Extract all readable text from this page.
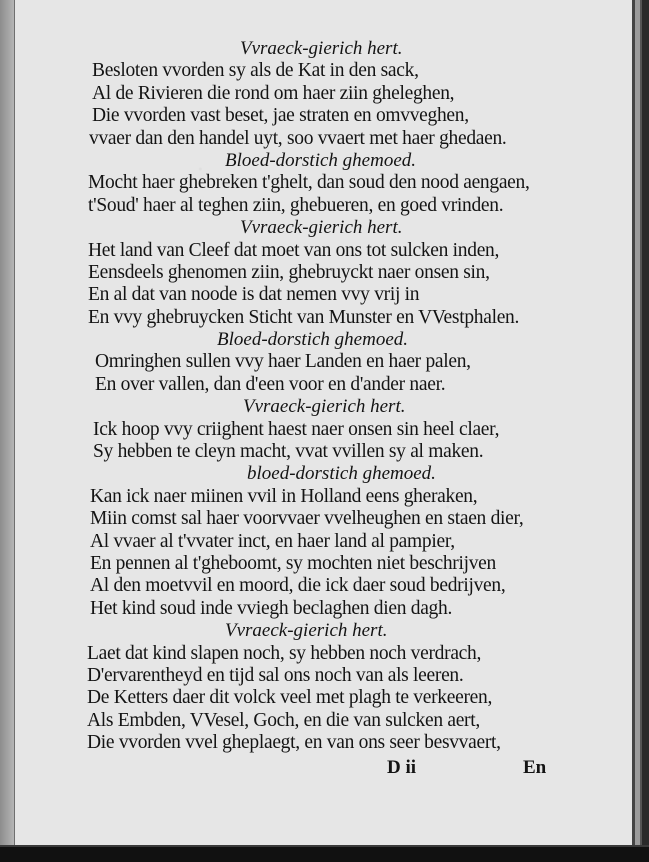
Vvraeck-gierich hert.
Besloten vvorden sy als de Kat in den sack,
Al de Rivieren die rond om haer ziin gheleghen,
Die vvorden vast beset, jae straten en omvveghen,
vvaer dan den handel uyt, soo vvaert met haer ghedaen.
Bloed-dorstich ghemoed.
Mocht haer ghebreken t'ghelt, dan soud den nood aengaen,
t'Soud' haer al teghen ziin, ghebueren, en goed vrinden.
Vvraeck-gierich hert.
Het land van Cleef dat moet van ons tot sulcken inden,
Eensdeels ghenomen ziin, ghebruyckt naer onsen sin,
En al dat van noode is dat nemen vvy vrij in
En vvy ghebruycken Sticht van Munster en VVestphalen.
Bloed-dorstich ghemoed.
Omringhen sullen vvy haer Landen en haer palen,
En over vallen, dan d'een voor en d'ander naer.
Vvraeck-gierich hert.
Ick hoop vvy criighent haest naer onsen sin heel claer,
Sy hebben te cleyn macht, vvat vvillen sy al maken.
bloed-dorstich ghemoed.
Kan ick naer miinen vvil in Holland eens gheraken,
Miin comst sal haer voorvvaer vvelheughen en staen dier,
Al vvaer al t'vvater inct, en haer land al pampier,
En pennen al t'gheboomt, sy mochten niet beschrijven
Al den moetvvil en moord, die ick daer soud bedrijven,
Het kind soud inde vviegh beclaghen dien dagh.
Vvraeck-gierich hert.
Laet dat kind slapen noch, sy hebben noch verdrach,
D'ervarentheyd en tijd sal ons noch van als leeren.
De Ketters daer dit volck veel met plagh te verkeeren,
Als Embden, VVesel, Goch, en die van sulcken aert,
Die vvorden vvel gheplaegt, en van ons seer besvvaert,
D ii	En
